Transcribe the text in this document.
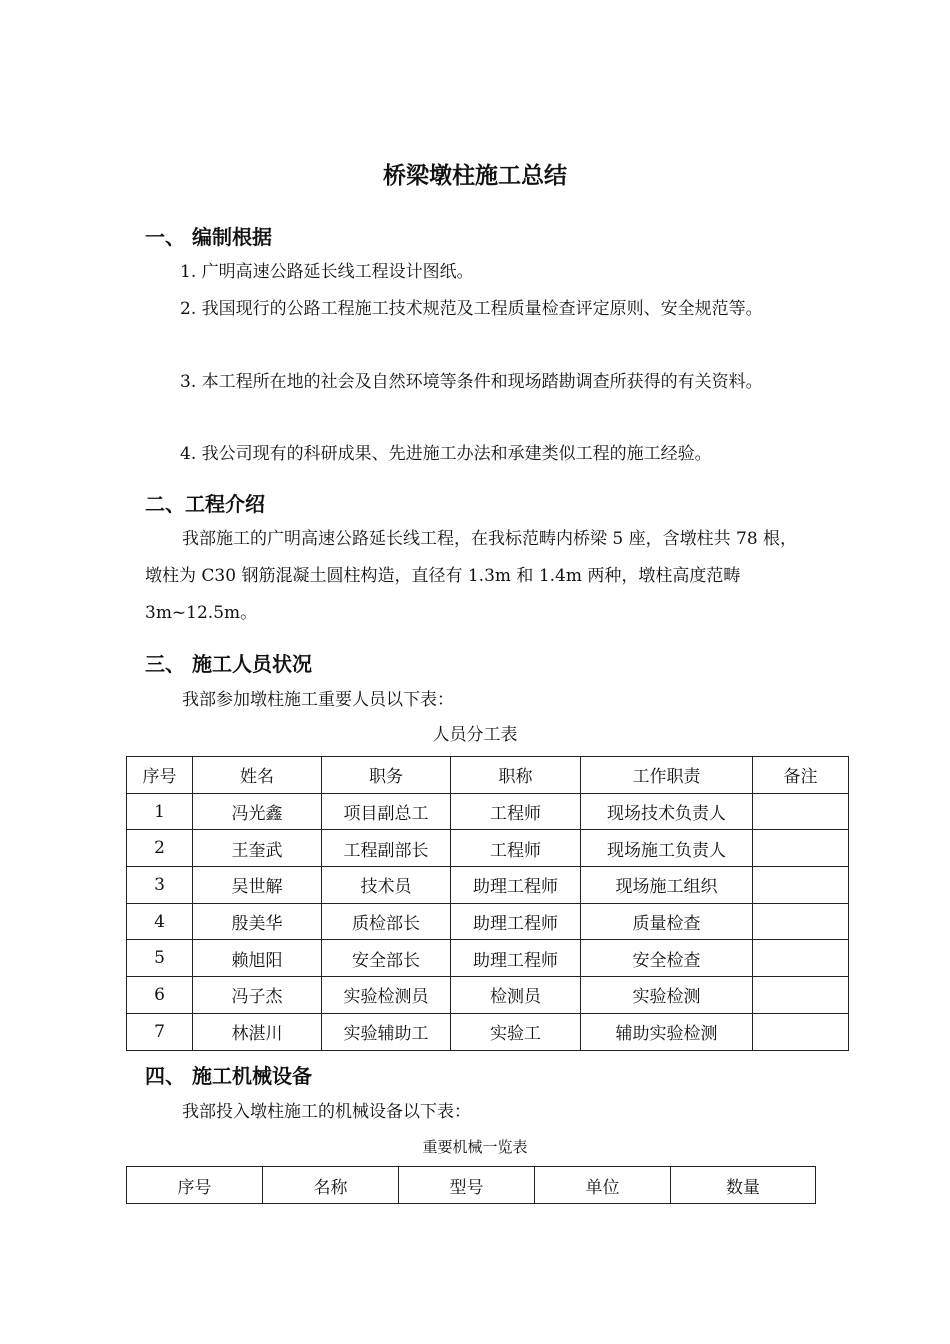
桥梁墩柱施工总结
一、 编制根据

1. 广明高速公路延长线工程设计图纸。

2. 我国现行的公路工程施工技术规范及工程质量检查评定原则、安全规范等。

3. 本工程所在地的社会及自然环境等条件和现场踏勘调查所获得的有关资料。

4. 我公司现有的科研成果、先进施工办法和承建类似工程的施工经验。

二、工程介绍

我部施工的广明高速公路延长线工程，在我标范畴内桥梁 5 座，含墩柱共 78 根，墩柱为 C30 钢筋混凝土圆柱构造，直径有 1.3m 和 1.4m 两种，墩柱高度范畴 3m~12.5m。

三、 施工人员状况

我部参加墩柱施工重要人员以下表：

人员分工表

序号	姓名	职务	职称	工作职责	备注
1	冯光鑫	项目副总工	工程师	现场技术负责人	
2	王奎武	工程副部长	工程师	现场施工负责人	
3	吴世解	技术员	助理工程师	现场施工组织	
4	殷美华	质检部长	助理工程师	质量检查	
5	赖旭阳	安全部长	助理工程师	安全检查	
6	冯子杰	实验检测员	检测员	实验检测	
7	林湛川	实验辅助工	实验工	辅助实验检测	
四、 施工机械设备

我部投入墩柱施工的机械设备以下表：

重要机械一览表

序号	名称	型号	单位	数量
